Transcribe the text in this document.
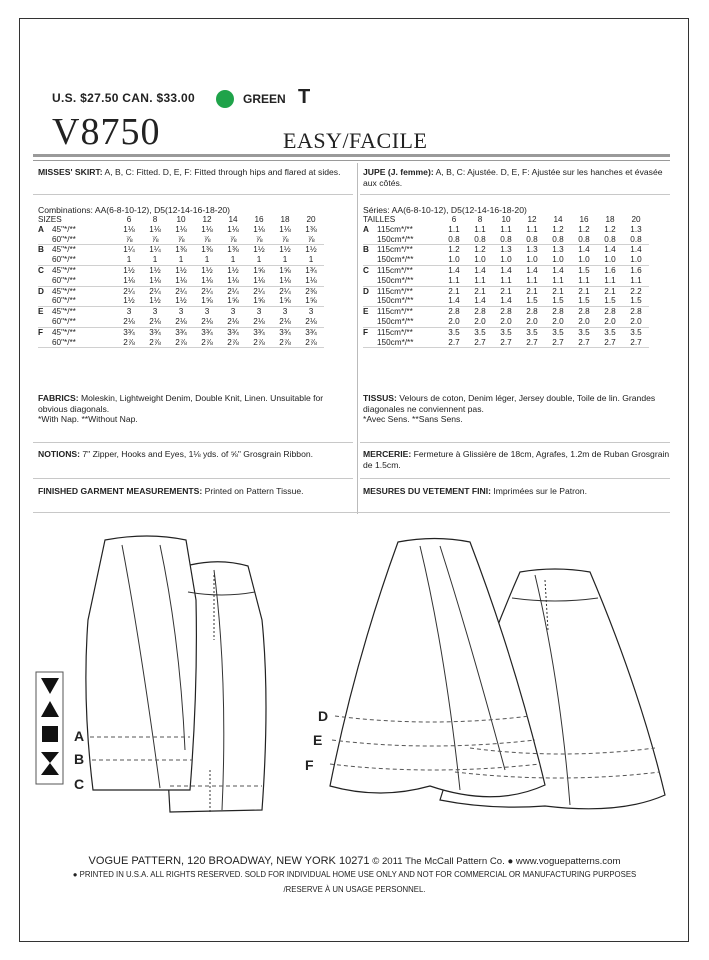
U.S. $27.50 CAN. $33.00	GREEN T
V8750	EASY/FACILE
MISSES' SKIRT: A, B, C: Fitted. D, E, F: Fitted through hips and flared at sides.
Combinations: AA(6-8-10-12), D5(12-14-16-18-20)
SIZES		6	8	10	12	14	16	18	20
A	45"*/**	1⅛	1⅛	1⅛	1⅛	1⅛	1⅛	1⅛	1⅜
	60"*/**	⅞	⅞	⅞	⅞	⅞	⅞	⅞	⅞
B	45"*/**	1¼	1¼	1⅜	1⅜	1⅜	1½	1½	1½
	60"*/**	1	1	1	1	1	1	1	1
C	45"*/**	1½	1½	1½	1½	1½	1⅝	1⅝	1¾
	60"*/**	1⅛	1⅛	1⅛	1⅛	1⅛	1⅛	1⅛	1⅛
D	45"*/**	2¼	2¼	2¼	2¼	2¼	2¼	2¼	2⅜
	60"*/**	1½	1½	1½	1⅝	1⅝	1⅝	1⅝	1⅝
E	45"*/**	3	3	3	3	3	3	3	3
	60"*/**	2⅛	2⅛	2⅛	2⅛	2⅛	2⅛	2⅛	2⅛
F	45"*/**	3¾	3¾	3¾	3¾	3¾	3¾	3¾	3¾
	60"*/**	2⅞	2⅞	2⅞	2⅞	2⅞	2⅞	2⅞	2⅞
FABRICS: Moleskin, Lightweight Denim, Double Knit, Linen. Unsuitable for obvious diagonals.
*With Nap. **Without Nap.
NOTIONS: 7" Zipper, Hooks and Eyes, 1⅛ yds. of ⅝" Grosgrain Ribbon.
FINISHED GARMENT MEASUREMENTS: Printed on Pattern Tissue.
JUPE (J. femme): A, B, C: Ajustée. D, E, F: Ajustée sur les hanches et évasée aux côtés.
Séries: AA(6-8-10-12), D5(12-14-16-18-20)
TAILLES		6	8	10	12	14	16	18	20
A	115cm*/**	1.1	1.1	1.1	1.1	1.2	1.2	1.2	1.3
	150cm*/**	0.8	0.8	0.8	0.8	0.8	0.8	0.8	0.8
B	115cm*/**	1.2	1.2	1.3	1.3	1.3	1.4	1.4	1.4
	150cm*/**	1.0	1.0	1.0	1.0	1.0	1.0	1.0	1.0
C	115cm*/**	1.4	1.4	1.4	1.4	1.4	1.5	1.6	1.6
	150cm*/**	1.1	1.1	1.1	1.1	1.1	1.1	1.1	1.1
D	115cm*/**	2.1	2.1	2.1	2.1	2.1	2.1	2.1	2.2
	150cm*/**	1.4	1.4	1.4	1.5	1.5	1.5	1.5	1.5
E	115cm*/**	2.8	2.8	2.8	2.8	2.8	2.8	2.8	2.8
	150cm*/**	2.0	2.0	2.0	2.0	2.0	2.0	2.0	2.0
F	115cm*/**	3.5	3.5	3.5	3.5	3.5	3.5	3.5	3.5
	150cm*/**	2.7	2.7	2.7	2.7	2.7	2.7	2.7	2.7
TISSUS: Velours de coton, Denim léger, Jersey double, Toile de lin. Grandes diagonales ne conviennent pas.
*Avec Sens. **Sans Sens.
MERCERIE: Fermeture à Glissière de 18cm, Agrafes, 1.2m de Ruban Grosgrain de 1.5cm.
MESURES DU VETEMENT FINI: Imprimées sur le Patron.
A
B
C
D
E
F
VOGUE PATTERN, 120 BROADWAY, NEW YORK 10271 © 2011 The McCall Pattern Co. ● www.voguepatterns.com
● PRINTED IN U.S.A. ALL RIGHTS RESERVED. SOLD FOR INDIVIDUAL HOME USE ONLY AND NOT FOR COMMERCIAL OR MANUFACTURING PURPOSES
/RESERVE À UN USAGE PERSONNEL.
